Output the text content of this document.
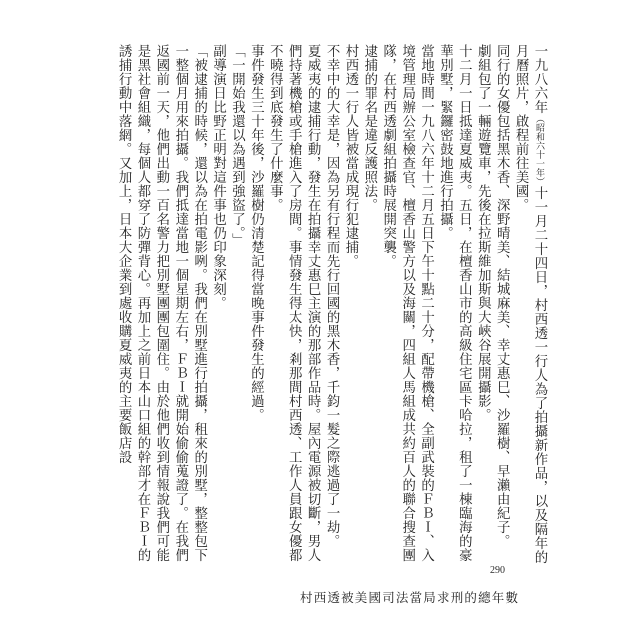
一九八六年（昭和六十一年）十一月二十四日，村西透一行人為了拍攝新作品，以及隔年的月曆照片，啟程前往美國。

同行的女優包括黑木香、深野晴美、結城麻美、幸丈惠巳、沙羅樹、早瀨由紀子。

劇組包了一輛遊覽車，先後在拉斯維加斯與大峽谷展開攝影。

十二月一日抵達夏威夷。五日，在檀香山市的高級住宅區卡哈拉，租了一棟臨海的豪華別墅，緊鑼密鼓地進行拍攝。

當地時間一九八六年十二月五日下午十點二十分，配帶機槍、全副武裝的ＦＢＩ、入境管理局辦公室檢查官、檀香山警方以及海關，四組人馬組成共約百人的聯合搜查團隊，在村西透劇組拍攝時展開突襲。

逮捕的罪名是違反護照法。

村西透一行人皆被當成現行犯逮捕。

不幸中的大幸是，因為另有行程而先行回國的黑木香，千鈞一髮之際逃過了一劫。

夏威夷的逮捕行動，發生在拍攝幸丈惠巳主演的那部作品時。屋內電源被切斷，男人們持著機槍或手槍進入了房間。事情發生得太快，剎那間村西透、工作人員跟女優都不曉得到底發生了什麼事。

事件發生三十年後，沙羅樹仍清楚記得當晚事件發生的經過。

「一開始我還以為遇到強盜了。」

副導演日比野正明對這件事也仍印象深刻。

「被逮捕的時候，還以為在拍電影咧。我們在別墅進行拍攝，租來的別墅，整整包下一整個月用來拍攝。我們抵達當地一個星期左右，ＦＢＩ就開始偷偷蒐證了。在我們返國前一天，他們出動一百名警力把別墅團團包圍住。由於他們收到情報說我們可能是黑社會組織，每個人都穿了防彈背心。再加上之前日本山口組的幹部才在ＦＢＩ的誘捕行動中落網。又加上，日本大企業到處收購夏威夷的主要飯店設

290
村西透被美國司法當局求刑的總年數
